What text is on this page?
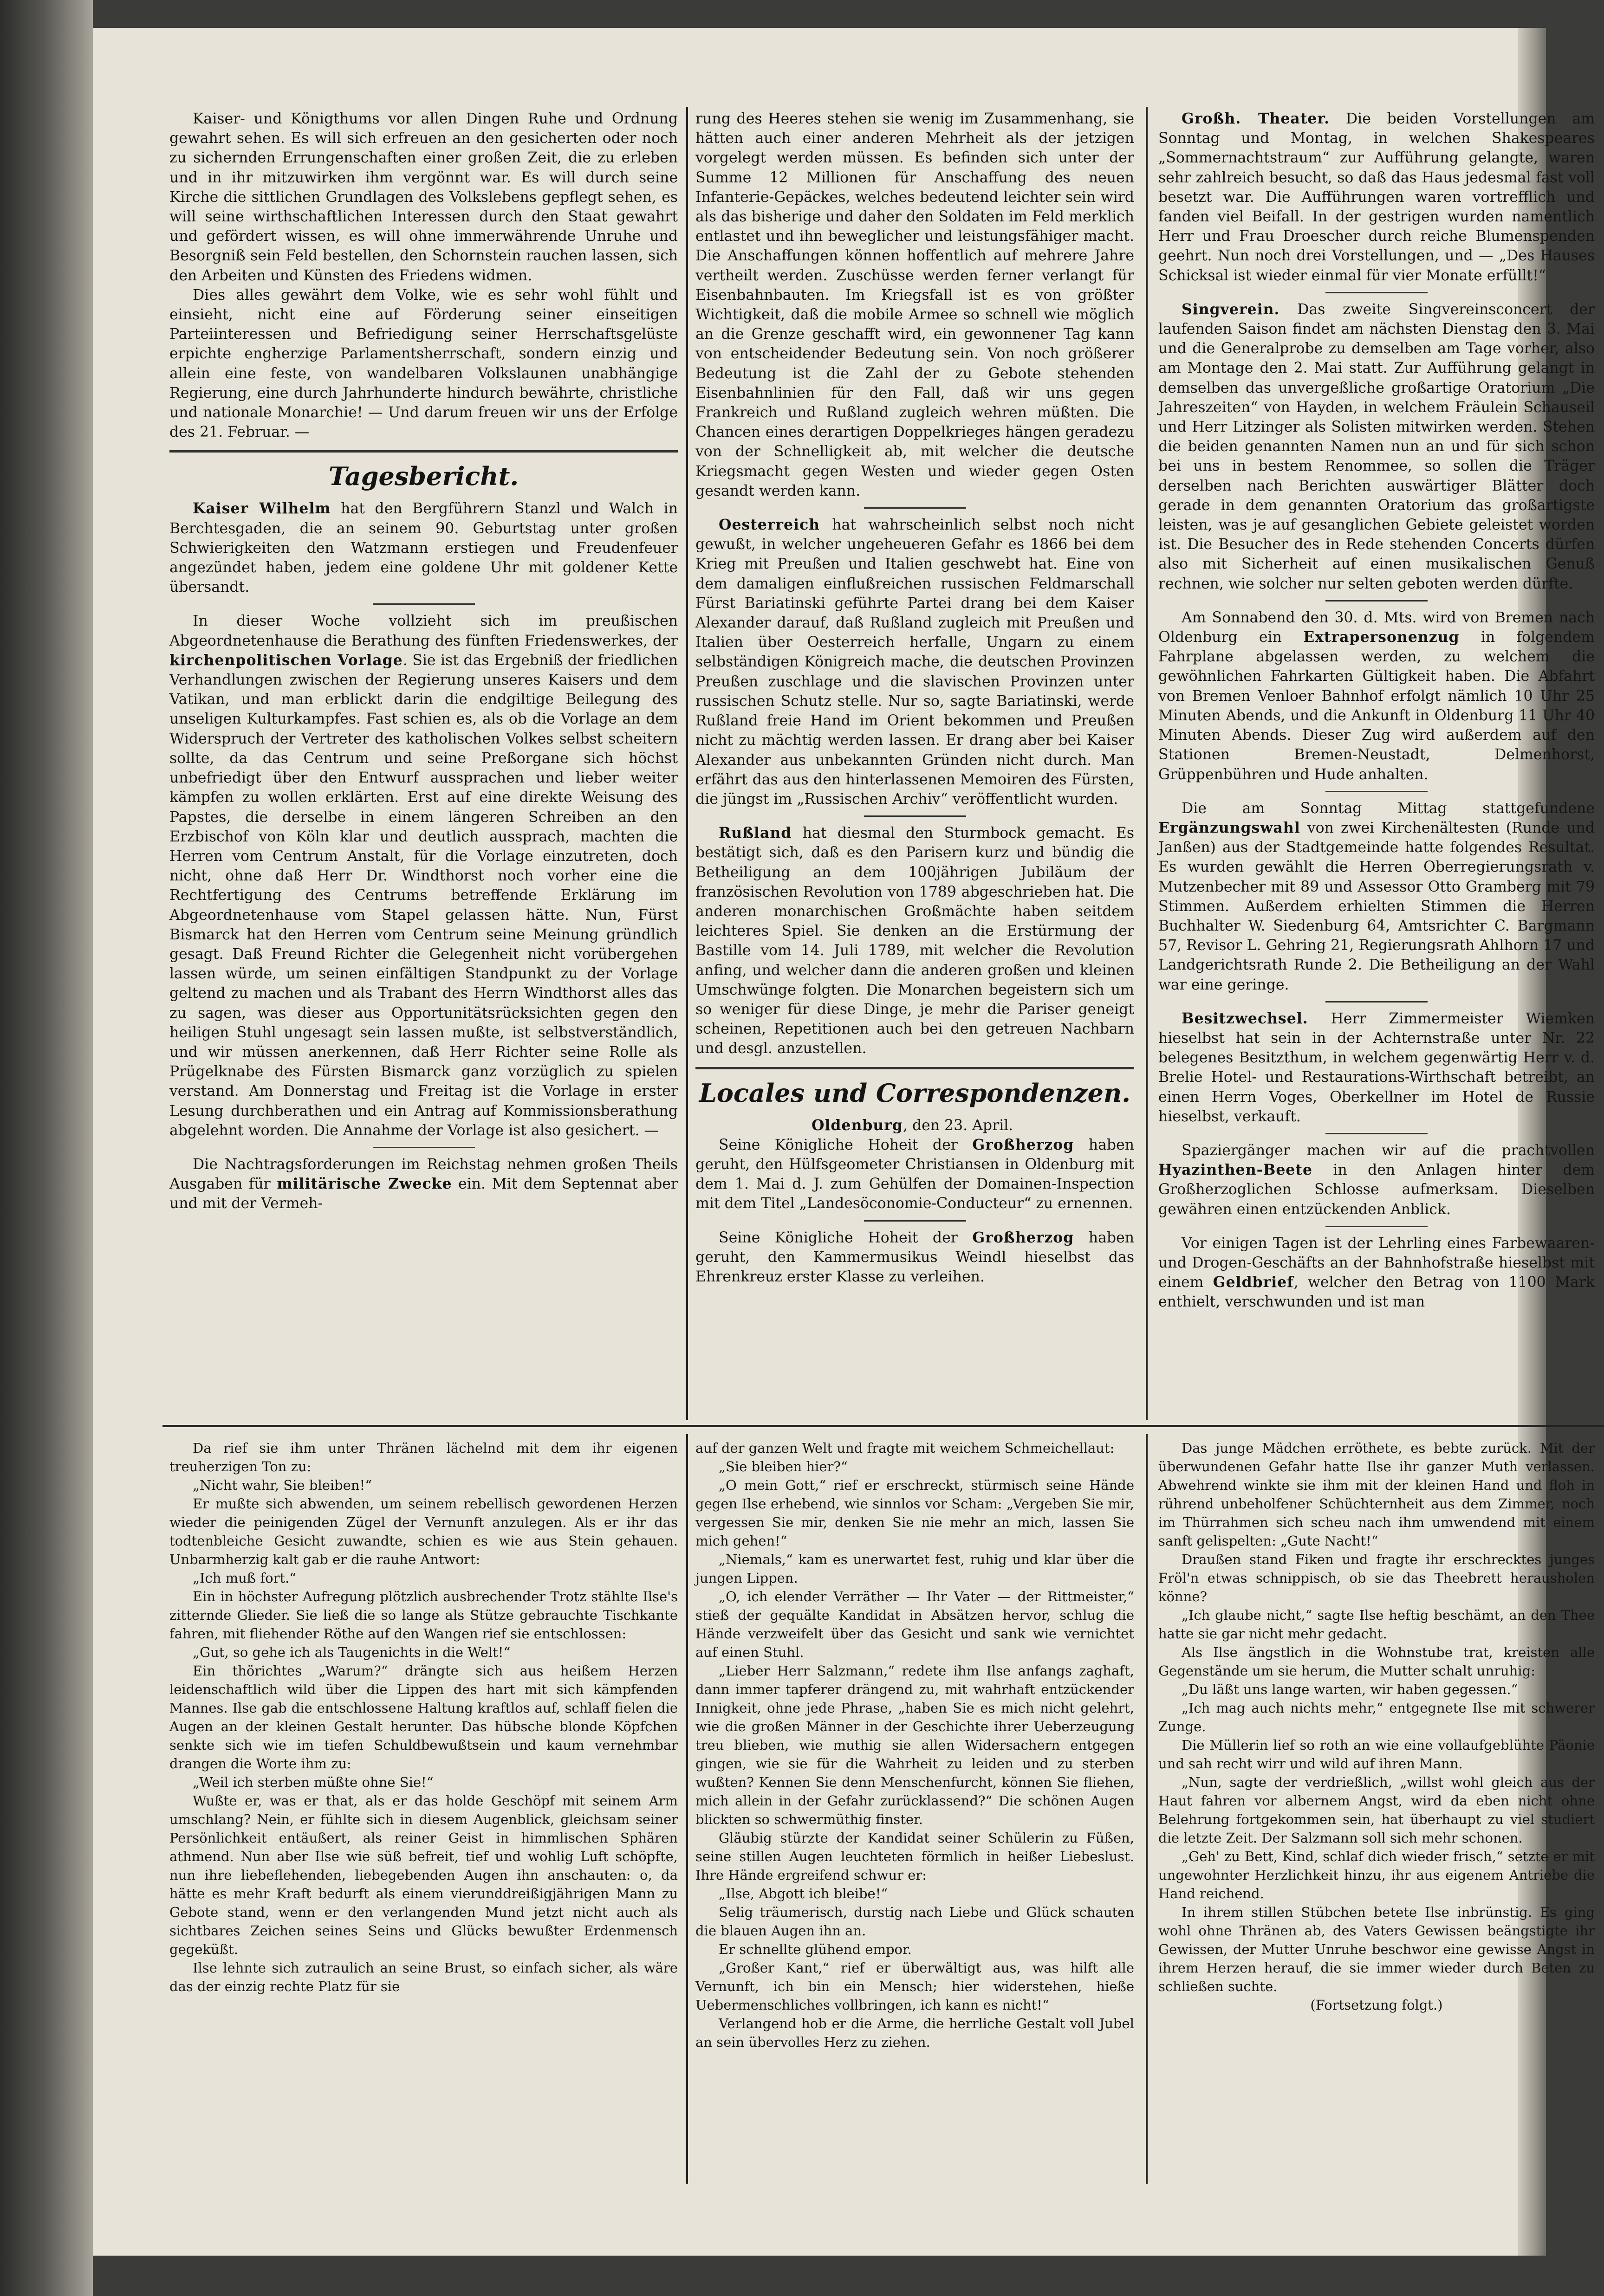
Kaiser- und Königthums vor allen Dingen Ruhe und Ordnung gewahrt sehen. Es will sich erfreuen an den gesicherten oder noch zu sichernden Errungenschaften einer großen Zeit, die zu erleben und in ihr mitzuwirken ihm vergönnt war. Es will durch seine Kirche die sittlichen Grundlagen des Volkslebens gepflegt sehen, es will seine wirthschaftlichen Interessen durch den Staat gewahrt und gefördert wissen, es will ohne immerwährende Unruhe und Besorgniß sein Feld bestellen, den Schornstein rauchen lassen, sich den Arbeiten und Künsten des Friedens widmen.

Dies alles gewährt dem Volke, wie es sehr wohl fühlt und einsieht, nicht eine auf Förderung seiner einseitigen Parteiinteressen und Befriedigung seiner Herrschaftsgelüste erpichte engherzige Parlamentsherrschaft, sondern einzig und allein eine feste, von wandelbaren Volkslaunen unabhängige Regierung, eine durch Jahrhunderte hindurch bewährte, christliche und nationale Monarchie! — Und darum freuen wir uns der Erfolge des 21. Februar. —

Tagesbericht.

Kaiser Wilhelm hat den Bergführern Stanzl und Walch in Berchtesgaden, die an seinem 90. Geburtstag unter großen Schwierigkeiten den Watzmann erstiegen und Freudenfeuer angezündet haben, jedem eine goldene Uhr mit goldener Kette übersandt.

In dieser Woche vollzieht sich im preußischen Abgeordnetenhause die Berathung des fünften Friedenswerkes, der kirchenpolitischen Vorlage. Sie ist das Ergebniß der friedlichen Verhandlungen zwischen der Regierung unseres Kaisers und dem Vatikan, und man erblickt darin die endgiltige Beilegung des unseligen Kulturkampfes. Fast schien es, als ob die Vorlage an dem Widerspruch der Vertreter des katholischen Volkes selbst scheitern sollte, da das Centrum und seine Preßorgane sich höchst unbefriedigt über den Entwurf aussprachen und lieber weiter kämpfen zu wollen erklärten. Erst auf eine direkte Weisung des Papstes, die derselbe in einem längeren Schreiben an den Erzbischof von Köln klar und deutlich aussprach, machten die Herren vom Centrum Anstalt, für die Vorlage einzutreten, doch nicht, ohne daß Herr Dr. Windthorst noch vorher eine die Rechtfertigung des Centrums betreffende Erklärung im Abgeordnetenhause vom Stapel gelassen hätte. Nun, Fürst Bismarck hat den Herren vom Centrum seine Meinung gründlich gesagt. Daß Freund Richter die Gelegenheit nicht vorübergehen lassen würde, um seinen einfältigen Standpunkt zu der Vorlage geltend zu machen und als Trabant des Herrn Windthorst alles das zu sagen, was dieser aus Opportunitätsrücksichten gegen den heiligen Stuhl ungesagt sein lassen mußte, ist selbstverständlich, und wir müssen anerkennen, daß Herr Richter seine Rolle als Prügelknabe des Fürsten Bismarck ganz vorzüglich zu spielen verstand. Am Donnerstag und Freitag ist die Vorlage in erster Lesung durchberathen und ein Antrag auf Kommissionsberathung abgelehnt worden. Die Annahme der Vorlage ist also gesichert. —

Die Nachtragsforderungen im Reichstag nehmen großen Theils Ausgaben für militärische Zwecke ein. Mit dem Septennat aber und mit der Vermeh-

rung des Heeres stehen sie wenig im Zusammenhang, sie hätten auch einer anderen Mehrheit als der jetzigen vorgelegt werden müssen. Es befinden sich unter der Summe 12 Millionen für Anschaffung des neuen Infanterie-Gepäckes, welches bedeutend leichter sein wird als das bisherige und daher den Soldaten im Feld merklich entlastet und ihn beweglicher und leistungsfähiger macht. Die Anschaffungen können hoffentlich auf mehrere Jahre vertheilt werden. Zuschüsse werden ferner verlangt für Eisenbahnbauten. Im Kriegsfall ist es von größter Wichtigkeit, daß die mobile Armee so schnell wie möglich an die Grenze geschafft wird, ein gewonnener Tag kann von entscheidender Bedeutung sein. Von noch größerer Bedeutung ist die Zahl der zu Gebote stehenden Eisenbahnlinien für den Fall, daß wir uns gegen Frankreich und Rußland zugleich wehren müßten. Die Chancen eines derartigen Doppelkrieges hängen geradezu von der Schnelligkeit ab, mit welcher die deutsche Kriegsmacht gegen Westen und wieder gegen Osten gesandt werden kann.

Oesterreich hat wahrscheinlich selbst noch nicht gewußt, in welcher ungeheueren Gefahr es 1866 bei dem Krieg mit Preußen und Italien geschwebt hat. Eine von dem damaligen einflußreichen russischen Feldmarschall Fürst Bariatinski geführte Partei drang bei dem Kaiser Alexander darauf, daß Rußland zugleich mit Preußen und Italien über Oesterreich herfalle, Ungarn zu einem selbständigen Königreich mache, die deutschen Provinzen Preußen zuschlage und die slavischen Provinzen unter russischen Schutz stelle. Nur so, sagte Bariatinski, werde Rußland freie Hand im Orient bekommen und Preußen nicht zu mächtig werden lassen. Er drang aber bei Kaiser Alexander aus unbekannten Gründen nicht durch. Man erfährt das aus den hinterlassenen Memoiren des Fürsten, die jüngst im „Russischen Archiv“ veröffentlicht wurden.

Rußland hat diesmal den Sturmbock gemacht. Es bestätigt sich, daß es den Parisern kurz und bündig die Betheiligung an dem 100jährigen Jubiläum der französischen Revolution von 1789 abgeschrieben hat. Die anderen monarchischen Großmächte haben seitdem leichteres Spiel. Sie denken an die Erstürmung der Bastille vom 14. Juli 1789, mit welcher die Revolution anfing, und welcher dann die anderen großen und kleinen Umschwünge folgten. Die Monarchen begeistern sich um so weniger für diese Dinge, je mehr die Pariser geneigt scheinen, Repetitionen auch bei den getreuen Nachbarn und desgl. anzustellen.

Locales und Correspondenzen.

Oldenburg, den 23. April.

Seine Königliche Hoheit der Großherzog haben geruht, den Hülfsgeometer Christiansen in Oldenburg mit dem 1. Mai d. J. zum Gehülfen der Domainen-Inspection mit dem Titel „Landesöconomie-Conducteur“ zu ernennen.

Seine Königliche Hoheit der Großherzog haben geruht, den Kammermusikus Weindl hieselbst das Ehrenkreuz erster Klasse zu verleihen.

Großh. Theater. Die beiden Vorstellungen am Sonntag und Montag, in welchen Shakespeares „Sommernachtstraum“ zur Aufführung gelangte, waren sehr zahlreich besucht, so daß das Haus jedesmal fast voll besetzt war. Die Aufführungen waren vortrefflich und fanden viel Beifall. In der gestrigen wurden namentlich Herr und Frau Droescher durch reiche Blumenspenden geehrt. Nun noch drei Vorstellungen, und — „Des Hauses Schicksal ist wieder einmal für vier Monate erfüllt!“

Singverein. Das zweite Singvereinsconcert der laufenden Saison findet am nächsten Dienstag den 3. Mai und die Generalprobe zu demselben am Tage vorher, also am Montage den 2. Mai statt. Zur Aufführung gelangt in demselben das unvergeßliche großartige Oratorium „Die Jahreszeiten“ von Hayden, in welchem Fräulein Schauseil und Herr Litzinger als Solisten mitwirken werden. Stehen die beiden genannten Namen nun an und für sich schon bei uns in bestem Renommee, so sollen die Träger derselben nach Berichten auswärtiger Blätter doch gerade in dem genannten Oratorium das großartigste leisten, was je auf gesanglichen Gebiete geleistet worden ist. Die Besucher des in Rede stehenden Concerts dürfen also mit Sicherheit auf einen musikalischen Genuß rechnen, wie solcher nur selten geboten werden dürfte.

Am Sonnabend den 30. d. Mts. wird von Bremen nach Oldenburg ein Extrapersonenzug in folgendem Fahrplane abgelassen werden, zu welchem die gewöhnlichen Fahrkarten Gültigkeit haben. Die Abfahrt von Bremen Venloer Bahnhof erfolgt nämlich 10 Uhr 25 Minuten Abends, und die Ankunft in Oldenburg 11 Uhr 40 Minuten Abends. Dieser Zug wird außerdem auf den Stationen Bremen-Neustadt, Delmenhorst, Grüppenbühren und Hude anhalten.

Die am Sonntag Mittag stattgefundene Ergänzungswahl von zwei Kirchenältesten (Runde und Janßen) aus der Stadtgemeinde hatte folgendes Resultat. Es wurden gewählt die Herren Oberregierungsrath v. Mutzenbecher mit 89 und Assessor Otto Gramberg mit 79 Stimmen. Außerdem erhielten Stimmen die Herren Buchhalter W. Siedenburg 64, Amtsrichter C. Bargmann 57, Revisor L. Gehring 21, Regierungsrath Ahlhorn 17 und Landgerichtsrath Runde 2. Die Betheiligung an der Wahl war eine geringe.

Besitzwechsel. Herr Zimmermeister Wiemken hieselbst hat sein in der Achternstraße unter Nr. 22 belegenes Besitzthum, in welchem gegenwärtig Herr v. d. Brelie Hotel- und Restaurations-Wirthschaft betreibt, an einen Herrn Voges, Oberkellner im Hotel de Russie hieselbst, verkauft.

Spaziergänger machen wir auf die prachtvollen Hyazinthen-Beete in den Anlagen hinter dem Großherzoglichen Schlosse aufmerksam. Dieselben gewähren einen entzückenden Anblick.

Vor einigen Tagen ist der Lehrling eines Farbewaaren- und Drogen-Geschäfts an der Bahnhofstraße hieselbst mit einem Geldbrief, welcher den Betrag von 1100 Mark enthielt, verschwunden und ist man

Da rief sie ihm unter Thränen lächelnd mit dem ihr eigenen treuherzigen Ton zu:

„Nicht wahr, Sie bleiben!“

Er mußte sich abwenden, um seinem rebellisch gewordenen Herzen wieder die peinigenden Zügel der Vernunft anzulegen. Als er ihr das todtenbleiche Gesicht zuwandte, schien es wie aus Stein gehauen. Unbarmherzig kalt gab er die rauhe Antwort:

„Ich muß fort.“

Ein in höchster Aufregung plötzlich ausbrechender Trotz stählte Ilse's zitternde Glieder. Sie ließ die so lange als Stütze gebrauchte Tischkante fahren, mit fliehender Röthe auf den Wangen rief sie entschlossen:

„Gut, so gehe ich als Taugenichts in die Welt!“

Ein thörichtes „Warum?“ drängte sich aus heißem Herzen leidenschaftlich wild über die Lippen des hart mit sich kämpfenden Mannes. Ilse gab die entschlossene Haltung kraftlos auf, schlaff fielen die Augen an der kleinen Gestalt herunter. Das hübsche blonde Köpfchen senkte sich wie im tiefen Schuldbewußtsein und kaum vernehmbar drangen die Worte ihm zu:

„Weil ich sterben müßte ohne Sie!“

Wußte er, was er that, als er das holde Geschöpf mit seinem Arm umschlang? Nein, er fühlte sich in diesem Augenblick, gleichsam seiner Persönlichkeit entäußert, als reiner Geist in himmlischen Sphären athmend. Nun aber Ilse wie süß befreit, tief und wohlig Luft schöpfte, nun ihre liebeflehenden, liebegebenden Augen ihn anschauten: o, da hätte es mehr Kraft bedurft als einem vierunddreißigjährigen Mann zu Gebote stand, wenn er den verlangenden Mund jetzt nicht auch als sichtbares Zeichen seines Seins und Glücks bewußter Erdenmensch gegeküßt.

Ilse lehnte sich zutraulich an seine Brust, so einfach sicher, als wäre das der einzig rechte Platz für sie

auf der ganzen Welt und fragte mit weichem Schmeichellaut:

„Sie bleiben hier?“

„O mein Gott,“ rief er erschreckt, stürmisch seine Hände gegen Ilse erhebend, wie sinnlos vor Scham: „Vergeben Sie mir, vergessen Sie mir, denken Sie nie mehr an mich, lassen Sie mich gehen!“

„Niemals,“ kam es unerwartet fest, ruhig und klar über die jungen Lippen.

„O, ich elender Verräther — Ihr Vater — der Rittmeister,“ stieß der gequälte Kandidat in Absätzen hervor, schlug die Hände verzweifelt über das Gesicht und sank wie vernichtet auf einen Stuhl.

„Lieber Herr Salzmann,“ redete ihm Ilse anfangs zaghaft, dann immer tapferer drängend zu, mit wahrhaft entzückender Innigkeit, ohne jede Phrase, „haben Sie es mich nicht gelehrt, wie die großen Männer in der Geschichte ihrer Ueberzeugung treu blieben, wie muthig sie allen Widersachern entgegen gingen, wie sie für die Wahrheit zu leiden und zu sterben wußten? Kennen Sie denn Menschenfurcht, können Sie fliehen, mich allein in der Gefahr zurücklassend?“ Die schönen Augen blickten so schwermüthig finster.

Gläubig stürzte der Kandidat seiner Schülerin zu Füßen, seine stillen Augen leuchteten förmlich in heißer Liebeslust. Ihre Hände ergreifend schwur er:

„Ilse, Abgott ich bleibe!“

Selig träumerisch, durstig nach Liebe und Glück schauten die blauen Augen ihn an.

Er schnellte glühend empor.

„Großer Kant,“ rief er überwältigt aus, was hilft alle Vernunft, ich bin ein Mensch; hier widerstehen, hieße Uebermenschliches vollbringen, ich kann es nicht!“

Verlangend hob er die Arme, die herrliche Gestalt voll Jubel an sein übervolles Herz zu ziehen.

Das junge Mädchen erröthete, es bebte zurück. Mit der überwundenen Gefahr hatte Ilse ihr ganzer Muth verlassen. Abwehrend winkte sie ihm mit der kleinen Hand und floh in rührend unbeholfener Schüchternheit aus dem Zimmer, noch im Thürrahmen sich scheu nach ihm umwendend mit einem sanft gelispelten: „Gute Nacht!“

Draußen stand Fiken und fragte ihr erschrecktes junges Fröl'n etwas schnippisch, ob sie das Theebrett herausholen könne?

„Ich glaube nicht,“ sagte Ilse heftig beschämt, an den Thee hatte sie gar nicht mehr gedacht.

Als Ilse ängstlich in die Wohnstube trat, kreisten alle Gegenstände um sie herum, die Mutter schalt unruhig:

„Du läßt uns lange warten, wir haben gegessen.“

„Ich mag auch nichts mehr,“ entgegnete Ilse mit schwerer Zunge.

Die Müllerin lief so roth an wie eine vollaufgeblühte Päonie und sah recht wirr und wild auf ihren Mann.

„Nun, sagte der verdrießlich, „willst wohl gleich aus der Haut fahren vor albernem Angst, wird da eben nicht ohne Belehrung fortgekommen sein, hat überhaupt zu viel studiert die letzte Zeit. Der Salzmann soll sich mehr schonen.

„Geh' zu Bett, Kind, schlaf dich wieder frisch,“ setzte er mit ungewohnter Herzlichkeit hinzu, ihr aus eigenem Antriebe die Hand reichend.

In ihrem stillen Stübchen betete Ilse inbrünstig. Es ging wohl ohne Thränen ab, des Vaters Gewissen beängstigte ihr Gewissen, der Mutter Unruhe beschwor eine gewisse Angst in ihrem Herzen herauf, die sie immer wieder durch Beten zu schließen suchte.

(Fortsetzung folgt.)
